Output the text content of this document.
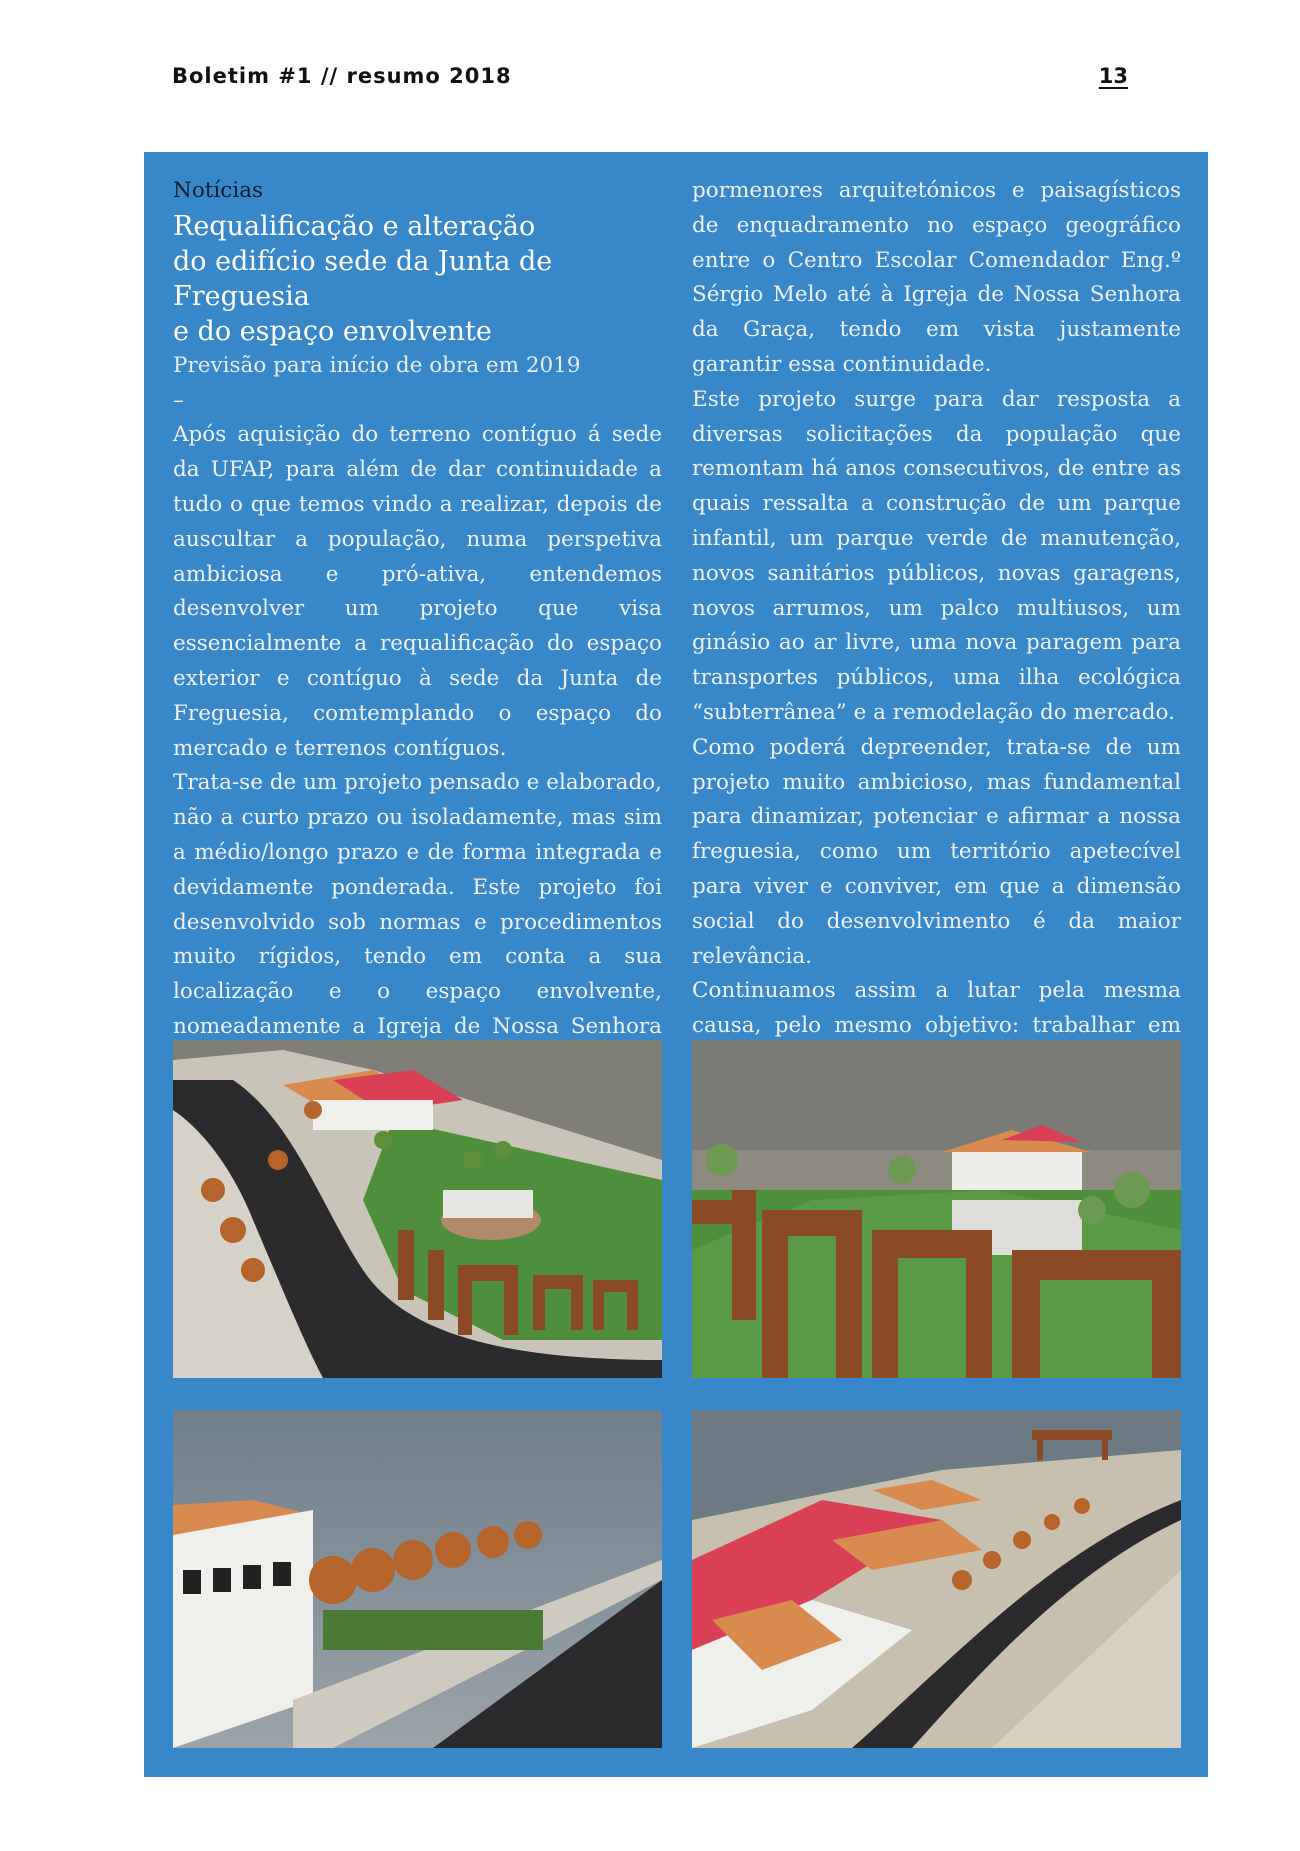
Boletim #1 // resumo 2018	13
Notícias
Requalificação e alteração
do edifício sede da Junta de Freguesia
e do espaço envolvente
Previsão para início de obra em 2019
–

Após aquisição do terreno contíguo á sede da UFAP, para além de dar continuidade a tudo o que temos vindo a realizar, depois de auscultar a população, numa perspetiva ambiciosa e pró-ativa, entendemos desenvolver um projeto que visa essencialmente a requalificação do espaço exterior e contíguo à sede da Junta de Freguesia, comtemplando o espaço do mercado e terrenos contíguos.

Trata-se de um projeto pensado e elaborado, não a curto prazo ou isoladamente, mas sim a médio/longo prazo e de forma integrada e devidamente ponderada. Este projeto foi desenvolvido sob normas e procedimentos muito rígidos, tendo em conta a sua localização e o espaço envolvente, nomeadamente a Igreja de Nossa Senhora

pormenores arquitetónicos e paisagísticos de enquadramento no espaço geográfico entre o Centro Escolar Comendador Eng.º Sérgio Melo até à Igreja de Nossa Senhora da Graça, tendo em vista justamente garantir essa continuidade.

Este projeto surge para dar resposta a diversas solicitações da população que remontam há anos consecutivos, de entre as quais ressalta a construção de um parque infantil, um parque verde de manutenção, novos sanitários públicos, novas garagens, novos arrumos, um palco multiusos, um ginásio ao ar livre, uma nova paragem para transportes públicos, uma ilha ecológica “subterrânea” e a remodelação do mercado.

Como poderá depreender, trata-se de um projeto muito ambicioso, mas fundamental para dinamizar, potenciar e afirmar a nossa freguesia, como um território apetecível para viver e conviver, em que a dimensão social do desenvolvimento é da maior relevância.

Continuamos assim a lutar pela mesma causa, pelo mesmo objetivo: trabalhar em
